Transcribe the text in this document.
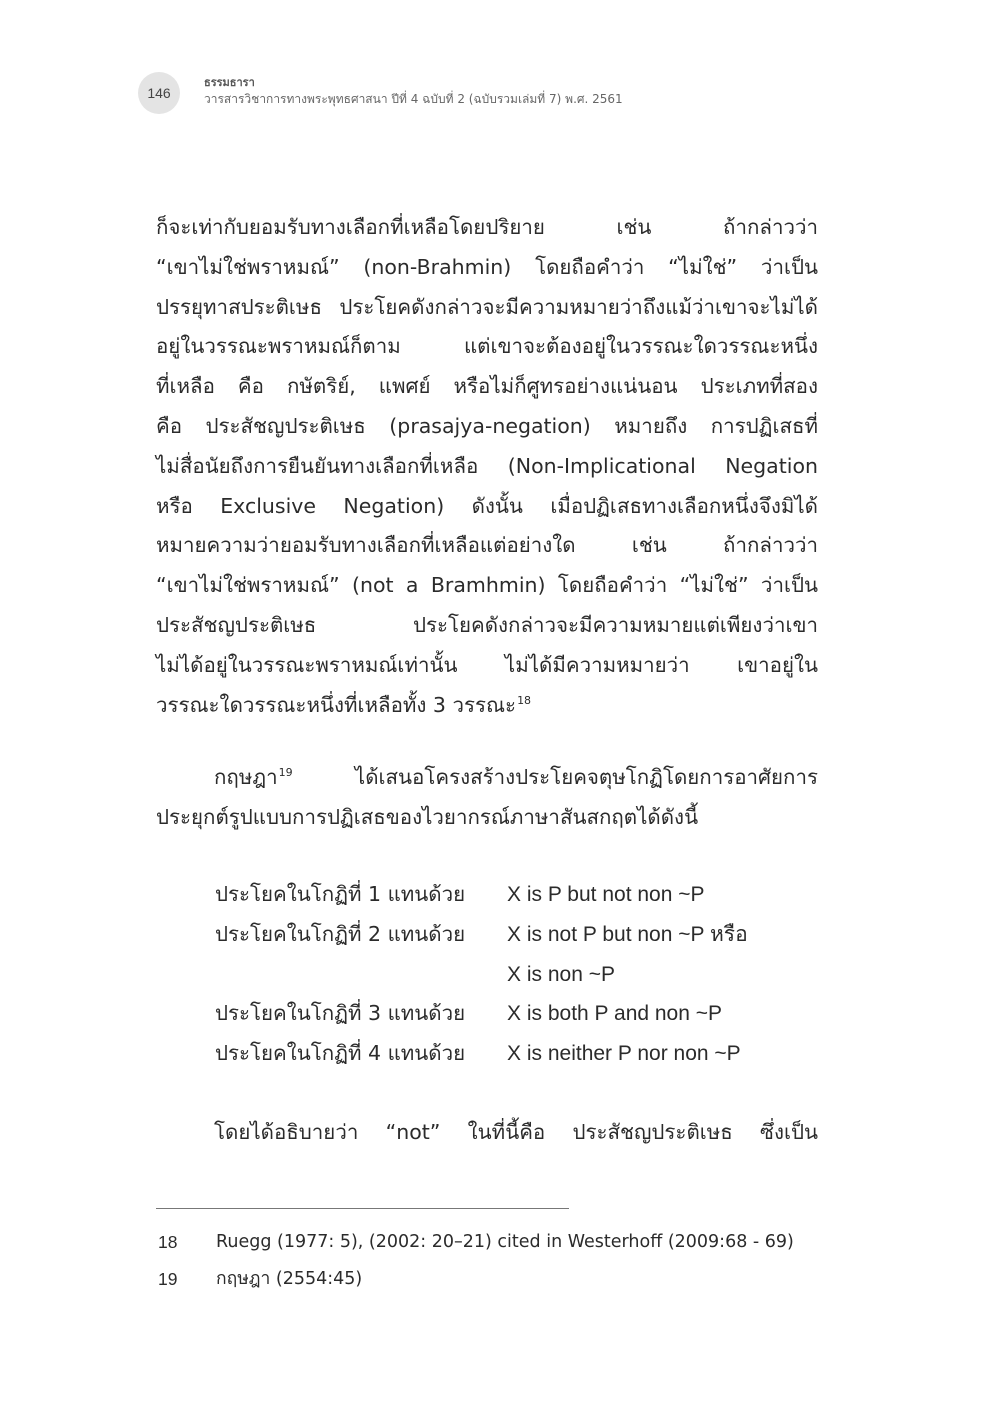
146
ธรรมธารา
วารสารวิชาการทางพระพุทธศาสนา ปีที่ 4 ฉบับที่ 2 (ฉบับรวมเล่มที่ 7) พ.ศ. 2561
ก็จะเท่ากับยอมรับทางเลือกที่เหลือโดยปริยาย เช่น ถ้ากล่าวว่า
“เขาไม่ใช่พราหมณ์” (non-Brahmin) โดยถือคำว่า “ไม่ใช่” ว่าเป็น
ปรรยุทาสประติเษธ ประโยคดังกล่าวจะมีความหมายว่าถึงแม้ว่าเขาจะไม่ได้
อยู่ในวรรณะพราหมณ์ก็ตาม แต่เขาจะต้องอยู่ในวรรณะใดวรรณะหนึ่ง
ที่เหลือ คือ กษัตริย์, แพศย์ หรือไม่ก็ศูทรอย่างแน่นอน ประเภทที่สอง
คือ ประสัชญประติเษธ (prasajya-negation) หมายถึง การปฏิเสธที่
ไม่สื่อนัยถึงการยืนยันทางเลือกที่เหลือ (Non-Implicational Negation
หรือ Exclusive Negation) ดังนั้น เมื่อปฏิเสธทางเลือกหนึ่งจึงมิได้
หมายความว่ายอมรับทางเลือกที่เหลือแต่อย่างใด เช่น ถ้ากล่าวว่า
“เขาไม่ใช่พราหมณ์” (not a Bramhmin) โดยถือคำว่า “ไม่ใช่” ว่าเป็น
ประสัชญประติเษธ ประโยคดังกล่าวจะมีความหมายแต่เพียงว่าเขา
ไม่ได้อยู่ในวรรณะพราหมณ์เท่านั้น ไม่ได้มีความหมายว่า เขาอยู่ใน
วรรณะใดวรรณะหนึ่งที่เหลือทั้ง 3 วรรณะ$^{18}$
กฤษฎา$^{19}$ ได้เสนอโครงสร้างประโยคจตุษโกฏิโดยการอาศัยการ
ประยุกต์รูปแบบการปฏิเสธของไวยากรณ์ภาษาสันสกฤตได้ดังนี้
ประโยคในโกฏิที่ 1 แทนด้วย	X is P but not non ~P
ประโยคในโกฏิที่ 2 แทนด้วย	X is not P but non ~P หรือ
X is non ~P
ประโยคในโกฏิที่ 3 แทนด้วย	X is both P and non ~P
ประโยคในโกฏิที่ 4 แทนด้วย	X is neither P nor non ~P
โดยได้อธิบายว่า “not” ในที่นี้คือ ประสัชญประติเษธ ซึ่งเป็น
18	Ruegg (1977: 5), (2002: 20–21) cited in Westerhoff (2009:68 - 69)
19	กฤษฎา (2554:45)
